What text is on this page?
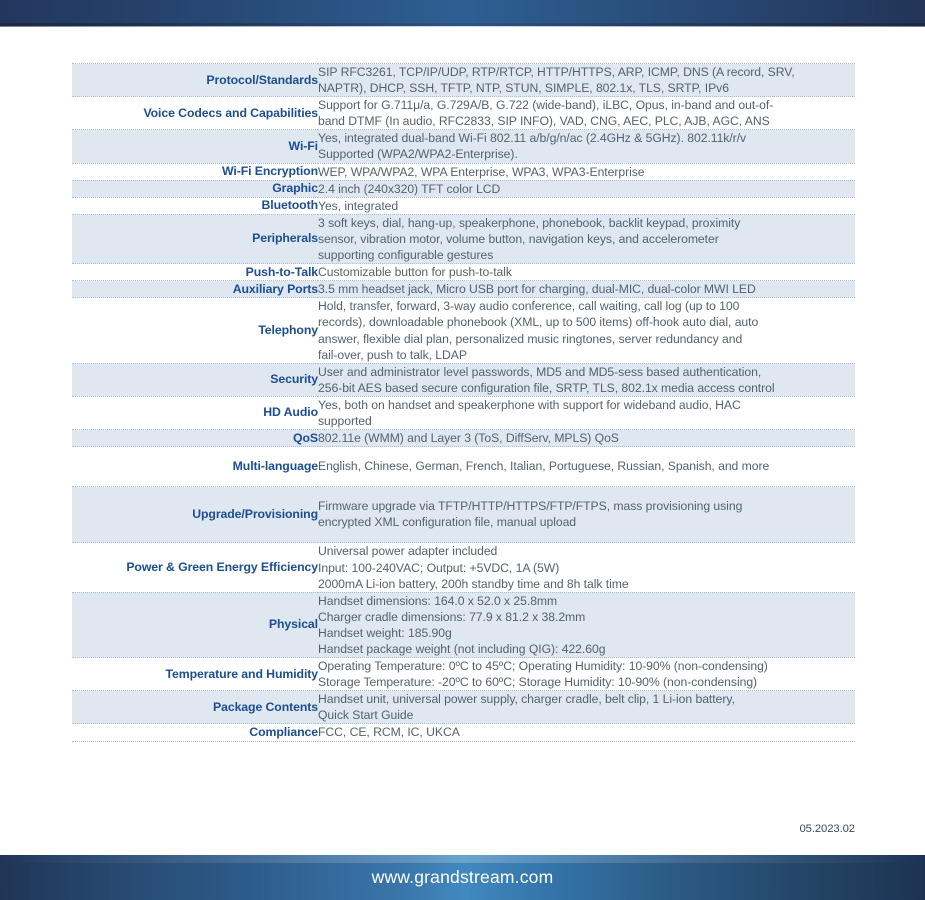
Protocol/Standards	SIP RFC3261, TCP/IP/UDP, RTP/RTCP, HTTP/HTTPS, ARP, ICMP, DNS (A record, SRV,
NAPTR), DHCP, SSH, TFTP, NTP, STUN, SIMPLE, 802.1x, TLS, SRTP, IPv6

Voice Codecs and Capabilities	Support for G.711μ/a, G.729A/B, G.722 (wide-band), iLBC, Opus, in-band and out-of-
band DTMF (In audio, RFC2833, SIP INFO), VAD, CNG, AEC, PLC, AJB, AGC, ANS

Wi-Fi	Yes, integrated dual-band Wi-Fi 802.11 a/b/g/n/ac (2.4GHz & 5GHz). 802.11k/r/v
Supported (WPA2/WPA2-Enterprise).

Wi-Fi Encryption	WEP, WPA/WPA2, WPA Enterprise, WPA3, WPA3-Enterprise

Graphic	2.4 inch (240x320) TFT color LCD

Bluetooth	Yes, integrated

Peripherals	3 soft keys, dial, hang-up, speakerphone, phonebook, backlit keypad, proximity
sensor, vibration motor, volume button, navigation keys, and accelerometer
supporting configurable gestures

Push-to-Talk	Customizable button for push-to-talk

Auxiliary Ports	3.5 mm headset jack, Micro USB port for charging, dual-MIC, dual-color MWI LED

Telephony	Hold, transfer, forward, 3-way audio conference, call waiting, call log (up to 100
records), downloadable phonebook (XML, up to 500 items) off-hook auto dial, auto
answer, flexible dial plan, personalized music ringtones, server redundancy and
fail-over, push to talk, LDAP

Security	User and administrator level passwords, MD5 and MD5-sess based authentication,
256-bit AES based secure configuration file, SRTP, TLS, 802.1x media access control

HD Audio	Yes, both on handset and speakerphone with support for wideband audio, HAC
supported

QoS	802.11e (WMM) and Layer 3 (ToS, DiffServ, MPLS) QoS

Multi-language	English, Chinese, German, French, Italian, Portuguese, Russian, Spanish, and more

Upgrade/Provisioning	Firmware upgrade via TFTP/HTTP/HTTPS/FTP/FTPS, mass provisioning using
encrypted XML configuration file, manual upload

Power & Green Energy Efficiency	Universal power adapter included
Input: 100-240VAC; Output: +5VDC, 1A (5W)
2000mA Li-ion battery, 200h standby time and 8h talk time

Physical	Handset dimensions: 164.0 x 52.0 x 25.8mm
Charger cradle dimensions: 77.9 x 81.2 x 38.2mm
Handset weight: 185.90g
Handset package weight (not including QIG): 422.60g

Temperature and Humidity	Operating Temperature: 0ºC to 45ºC; Operating Humidity: 10-90% (non-condensing)
Storage Temperature: -20ºC to 60ºC; Storage Humidity: 10-90% (non-condensing)

Package Contents	Handset unit, universal power supply, charger cradle, belt clip, 1 Li-ion battery,
Quick Start Guide

Compliance	FCC, CE, RCM, IC, UKCA
05.2023.02
www.grandstream.com
